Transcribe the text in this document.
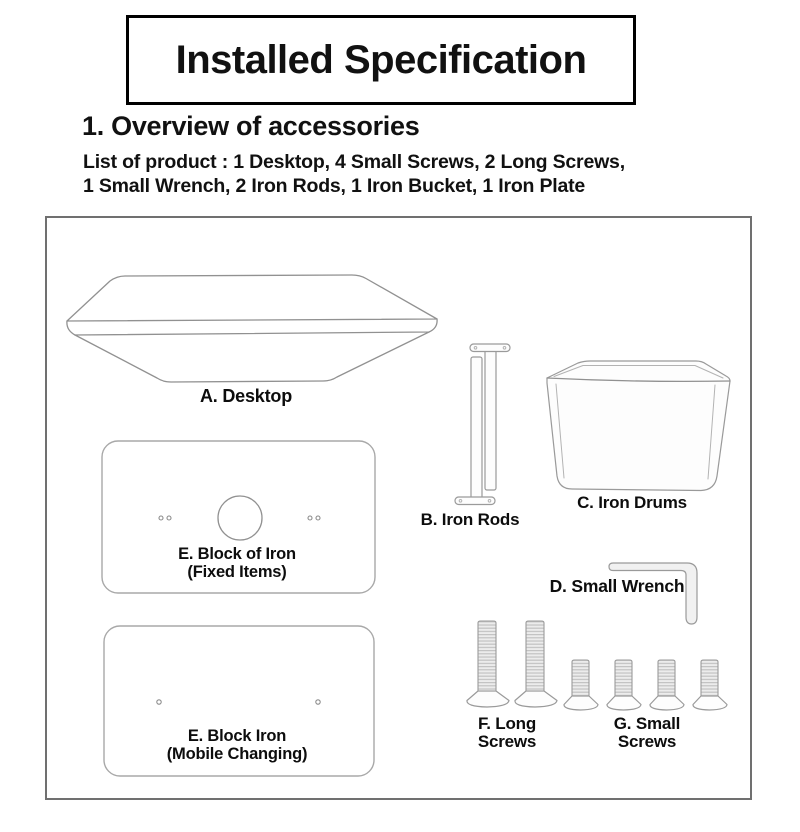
Installed Specification
1. Overview of accessories
List of product : 1 Desktop, 4 Small Screws, 2 Long Screws,
1 Small Wrench, 2 Iron Rods, 1 Iron Bucket, 1 Iron Plate
A. Desktop
B. Iron Rods
C. Iron Drums
D. Small Wrench
E. Block of Iron
(Fixed Items)
E. Block Iron
(Mobile Changing)
F. Long
Screws
G. Small
Screws
